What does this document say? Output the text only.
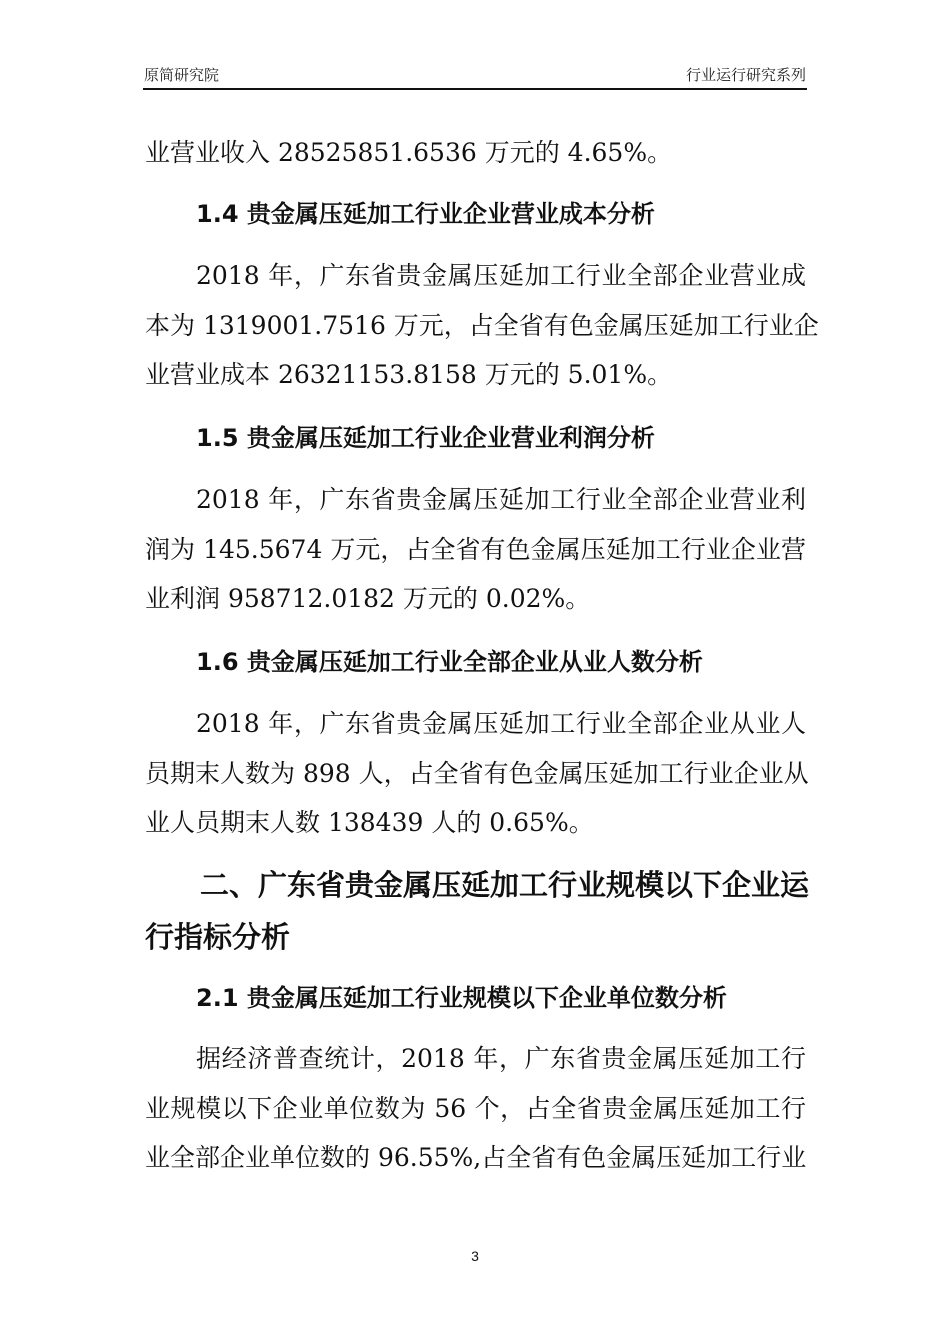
原简研究院	行业运行研究系列
业营业收入 28525851.6536 万元的 4.65%。
1.4 贵金属压延加工行业企业营业成本分析
2018 年，广东省贵金属压延加工行业全部企业营业成
本为 1319001.7516 万元，占全省有色金属压延加工行业企
业营业成本 26321153.8158 万元的 5.01%。
1.5 贵金属压延加工行业企业营业利润分析
2018 年，广东省贵金属压延加工行业全部企业营业利
润为 145.5674 万元，占全省有色金属压延加工行业企业营
业利润 958712.0182 万元的 0.02%。
1.6 贵金属压延加工行业全部企业从业人数分析
2018 年，广东省贵金属压延加工行业全部企业从业人
员期末人数为 898 人，占全省有色金属压延加工行业企业从
业人员期末人数 138439 人的 0.65%。
二、广东省贵金属压延加工行业规模以下企业运
行指标分析
2.1 贵金属压延加工行业规模以下企业单位数分析
据经济普查统计，2018 年，广东省贵金属压延加工行
业规模以下企业单位数为 56 个，占全省贵金属压延加工行
业全部企业单位数的 96.55%,占全省有色金属压延加工行业
3
